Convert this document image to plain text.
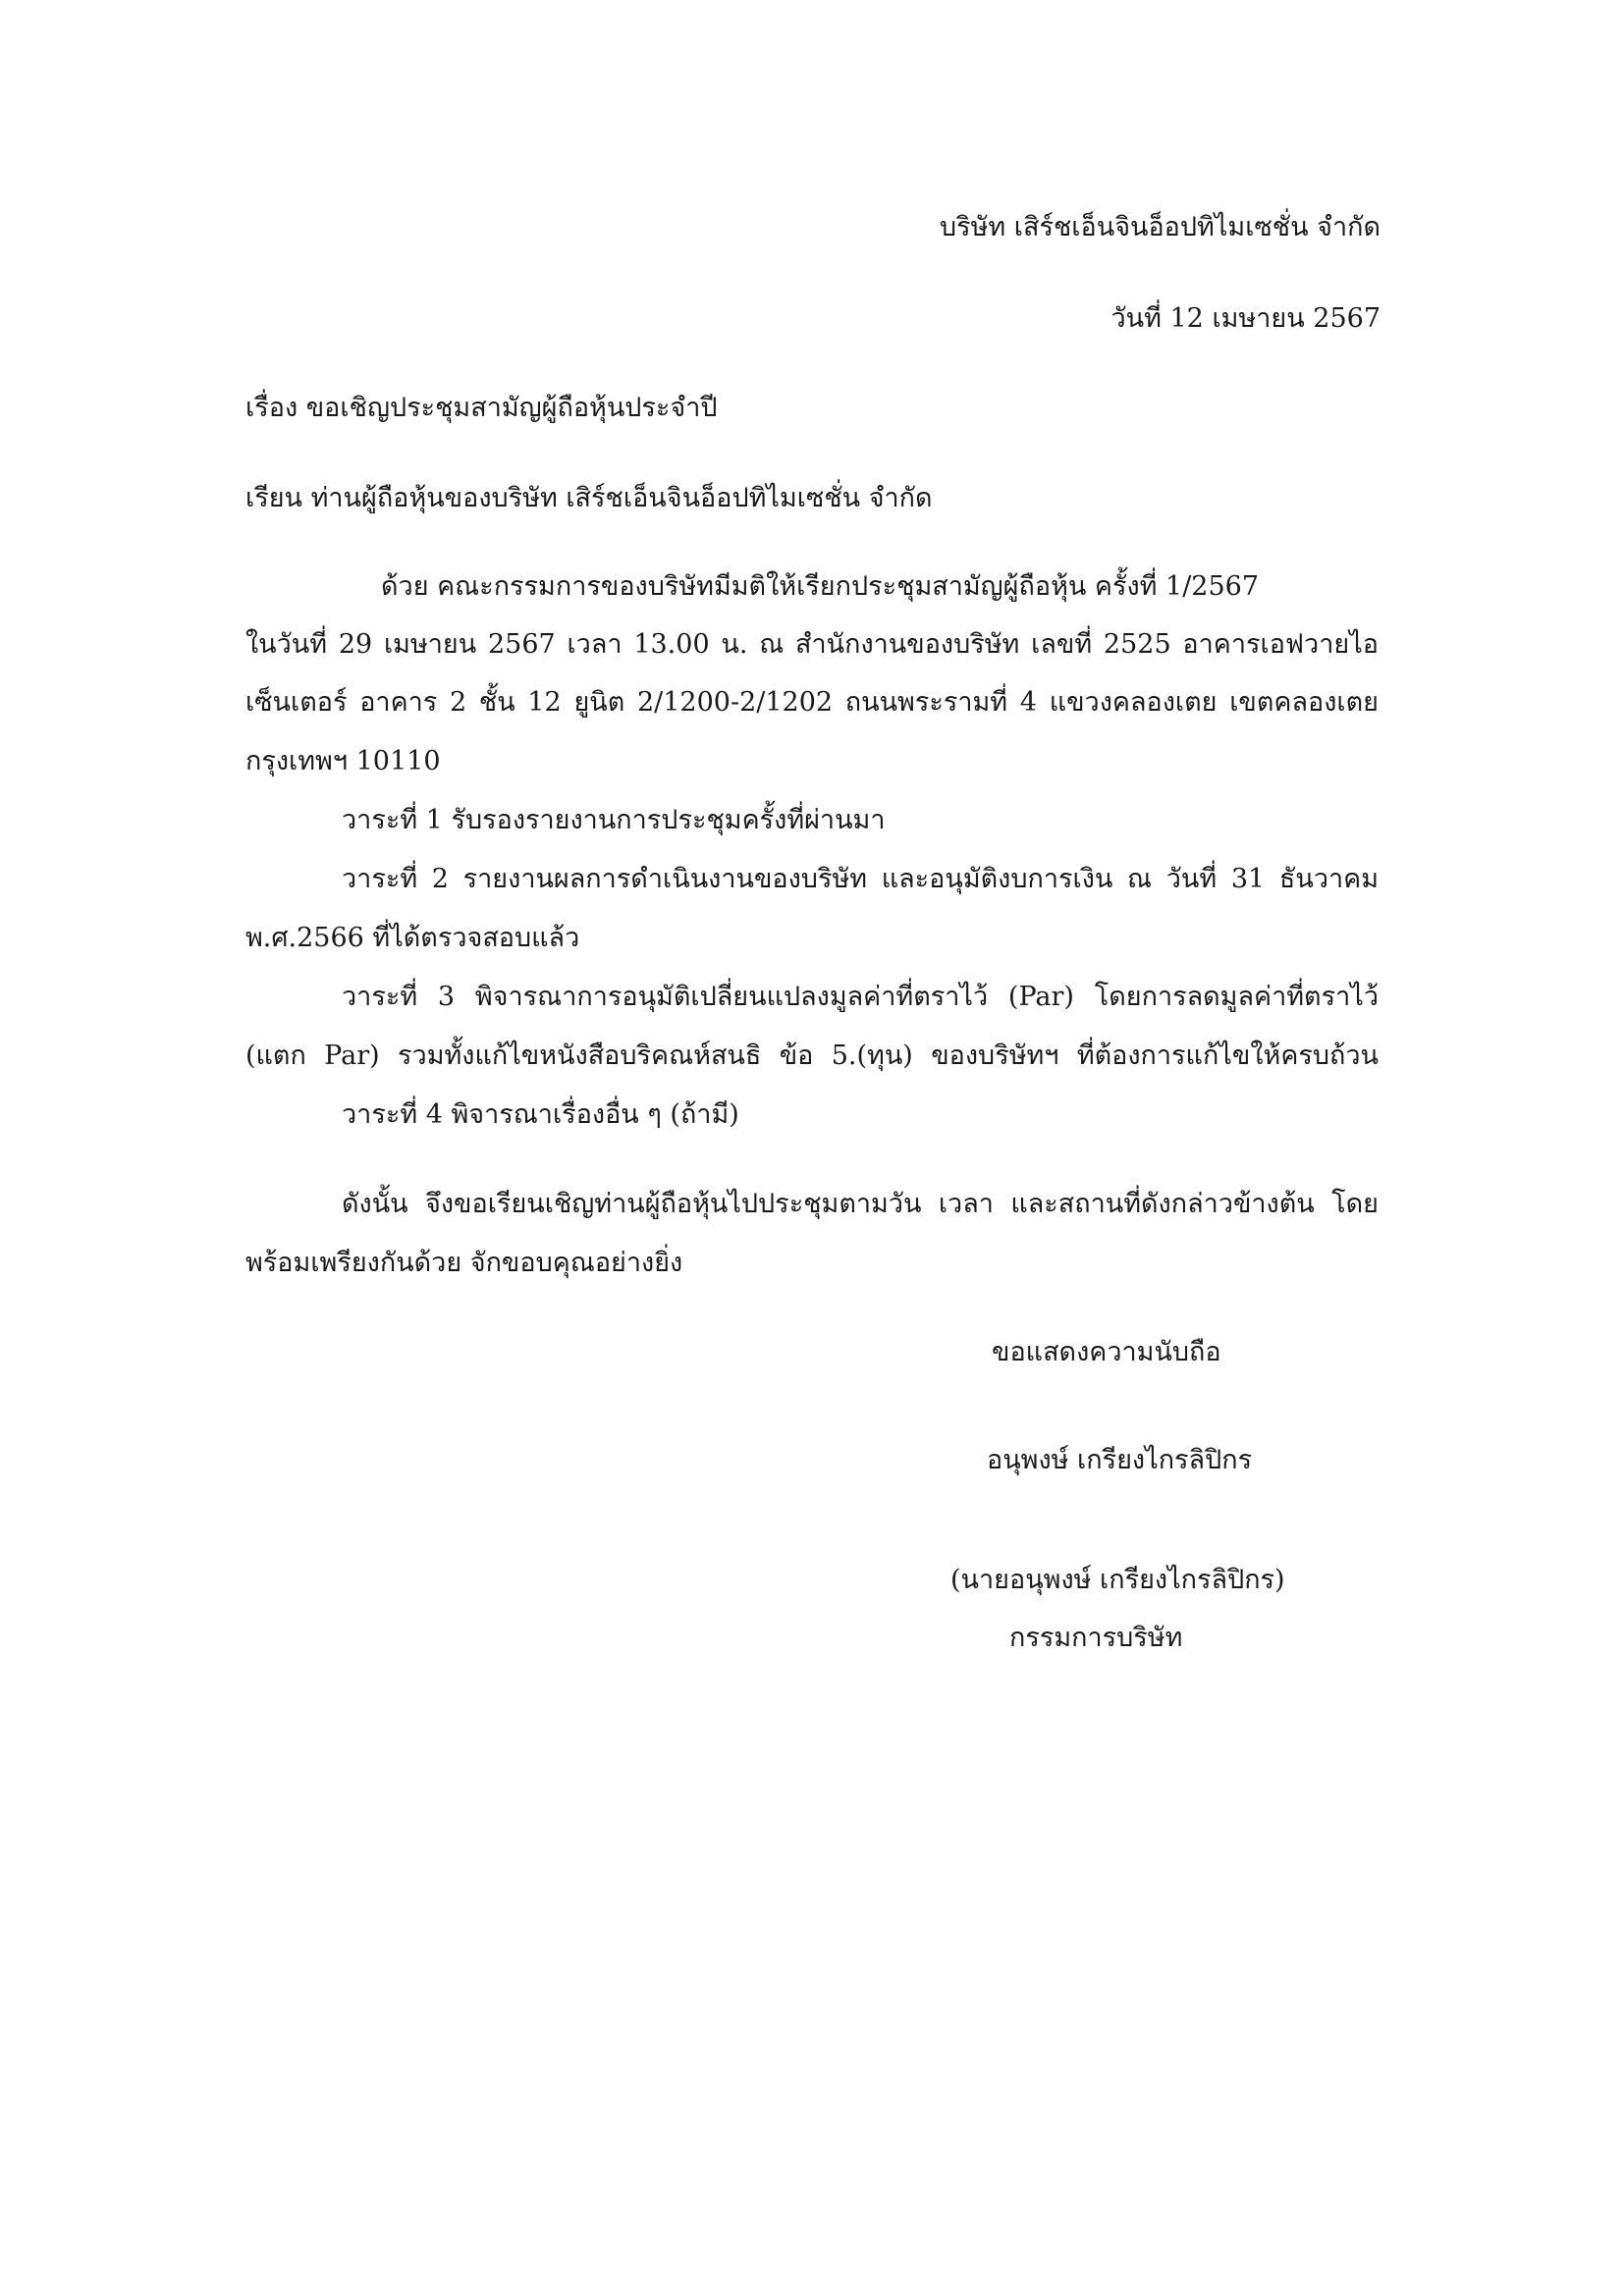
บริษัท เสิร์ชเอ็นจินอ็อปทิไมเซชั่น จำกัด
วันที่ 12 เมษายน 2567
เรื่อง ขอเชิญประชุมสามัญผู้ถือหุ้นประจำปี
เรียน ท่านผู้ถือหุ้นของบริษัท เสิร์ชเอ็นจินอ็อปทิไมเซชั่น จำกัด
ด้วย คณะกรรมการของบริษัทมีมติให้เรียกประชุมสามัญผู้ถือหุ้น ครั้งที่ 1/2567
ในวันที่ 29 เมษายน 2567 เวลา 13.00 น. ณ สำนักงานของบริษัท เลขที่ 2525 อาคารเอฟวายไอ
เซ็นเตอร์ อาคาร 2 ชั้น 12 ยูนิต 2/1200-2/1202 ถนนพระรามที่ 4 แขวงคลองเตย เขตคลองเตย
กรุงเทพฯ 10110
วาระที่ 1 รับรองรายงานการประชุมครั้งที่ผ่านมา
วาระที่ 2 รายงานผลการดำเนินงานของบริษัท และอนุมัติงบการเงิน ณ วันที่ 31 ธันวาคม
พ.ศ.2566 ที่ได้ตรวจสอบแล้ว
วาระที่ 3 พิจารณาการอนุมัติเปลี่ยนแปลงมูลค่าที่ตราไว้ (Par) โดยการลดมูลค่าที่ตราไว้
(แตก Par) รวมทั้งแก้ไขหนังสือบริคณห์สนธิ ข้อ 5.(ทุน) ของบริษัทฯ ที่ต้องการแก้ไขให้ครบถ้วน
วาระที่ 4 พิจารณาเรื่องอื่น ๆ (ถ้ามี)
ดังนั้น จึงขอเรียนเชิญท่านผู้ถือหุ้นไปประชุมตามวัน เวลา และสถานที่ดังกล่าวข้างต้น โดย
พร้อมเพรียงกันด้วย จักขอบคุณอย่างยิ่ง
ขอแสดงความนับถือ
อนุพงษ์ เกรียงไกรลิปิกร
(นายอนุพงษ์ เกรียงไกรลิปิกร)
กรรมการบริษัท
